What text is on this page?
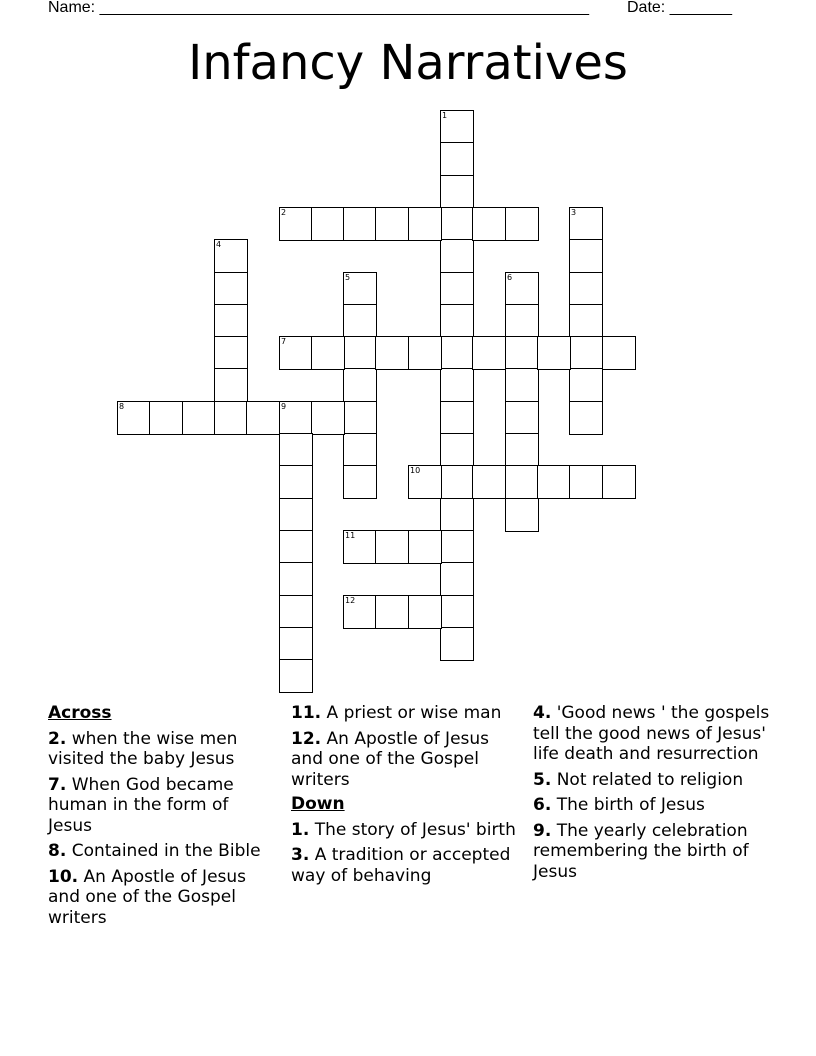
Name: _______________________________________________________ Date: _______
Infancy Narratives
1
2	3
4
5	6
7
8	9
10
11
12
Across
2. when the wise men visited the baby Jesus
7. When God became human in the form of Jesus
8. Contained in the Bible
10. An Apostle of Jesus and one of the Gospel writers
11. A priest or wise man
12. An Apostle of Jesus and one of the Gospel writers
Down
1. The story of Jesus' birth
3. A tradition or accepted way of behaving
4. 'Good news ' the gospels tell the good news of Jesus' life death and resurrection
5. Not related to religion
6. The birth of Jesus
9. The yearly celebration remembering the birth of Jesus
